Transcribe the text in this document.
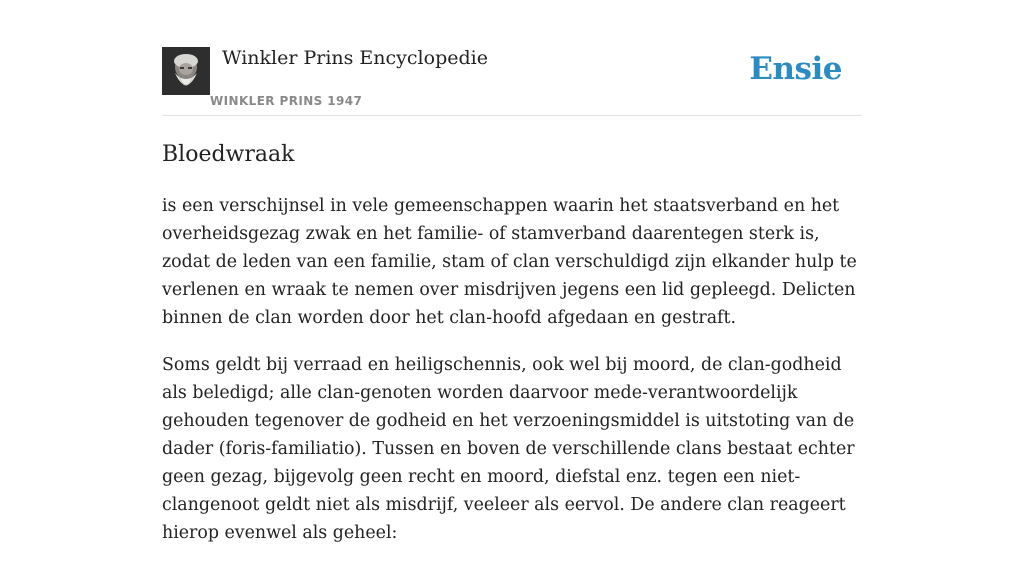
Winkler Prins Encyclopedie
WINKLER PRINS 1947
Ensie
Bloedwraak

is een verschijnsel in vele gemeenschappen waarin het staatsverband en het overheidsgezag zwak en het familie- of stamverband daarentegen sterk is, zodat de leden van een familie, stam of clan verschuldigd zijn elkander hulp te verlenen en wraak te nemen over misdrijven jegens een lid gepleegd. Delicten binnen de clan worden door het clan-hoofd afgedaan en gestraft.

Soms geldt bij verraad en heiligschennis, ook wel bij moord, de clan-godheid als beledigd; alle clan-genoten worden daarvoor mede-verantwoordelijk gehouden tegenover de godheid en het verzoeningsmiddel is uitstoting van de dader (foris-familiatio). Tussen en boven de verschillende clans bestaat echter geen gezag, bijgevolg geen recht en moord, diefstal enz. tegen een niet-clangenoot geldt niet als misdrijf, veeleer als eervol. De andere clan reageert hierop evenwel als geheel:
